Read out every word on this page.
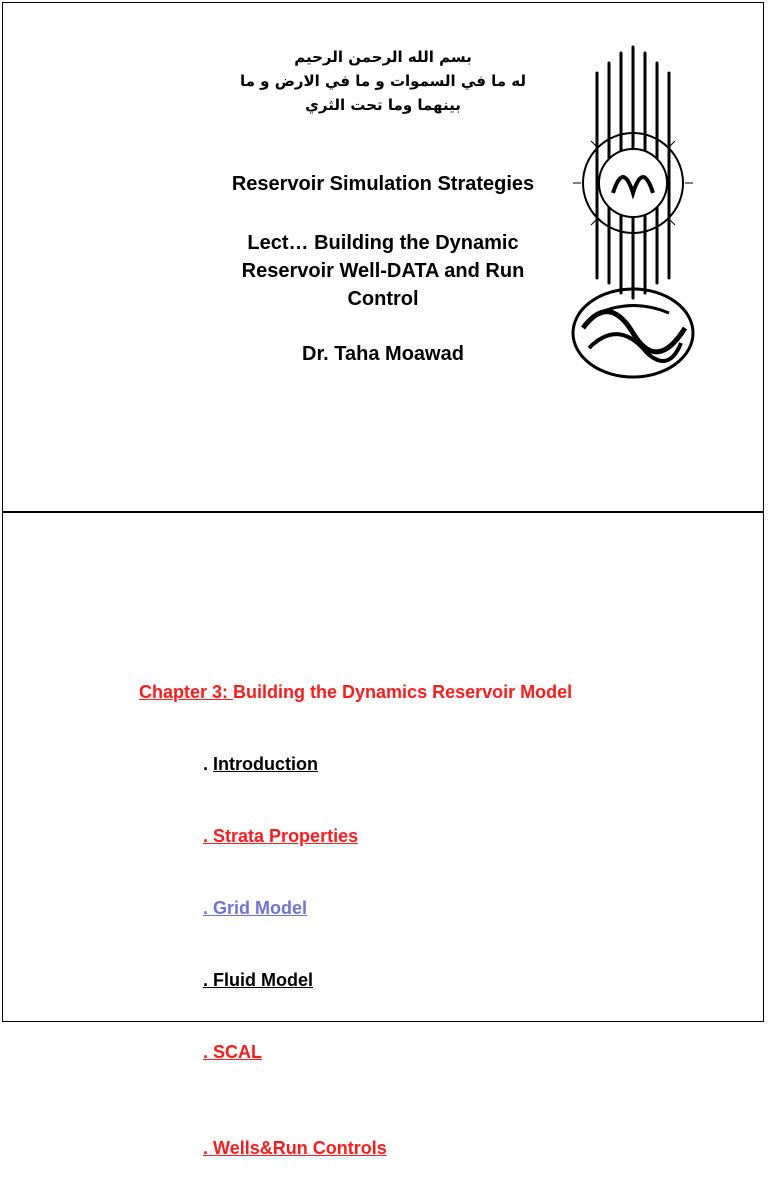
بسم الله الرحمن الرحيم
له ما في السموات و ما في الارض و ما
بينهما وما تحت الثري
Reservoir Simulation Strategies
Lect… Building the Dynamic
Reservoir Well-DATA and Run
Control
Dr. Taha Moawad

Chapter 3: Building the Dynamics Reservoir Model

. Introduction

. Strata Properties

. Grid Model

. Fluid Model

. SCAL

. Wells&Run Controls
